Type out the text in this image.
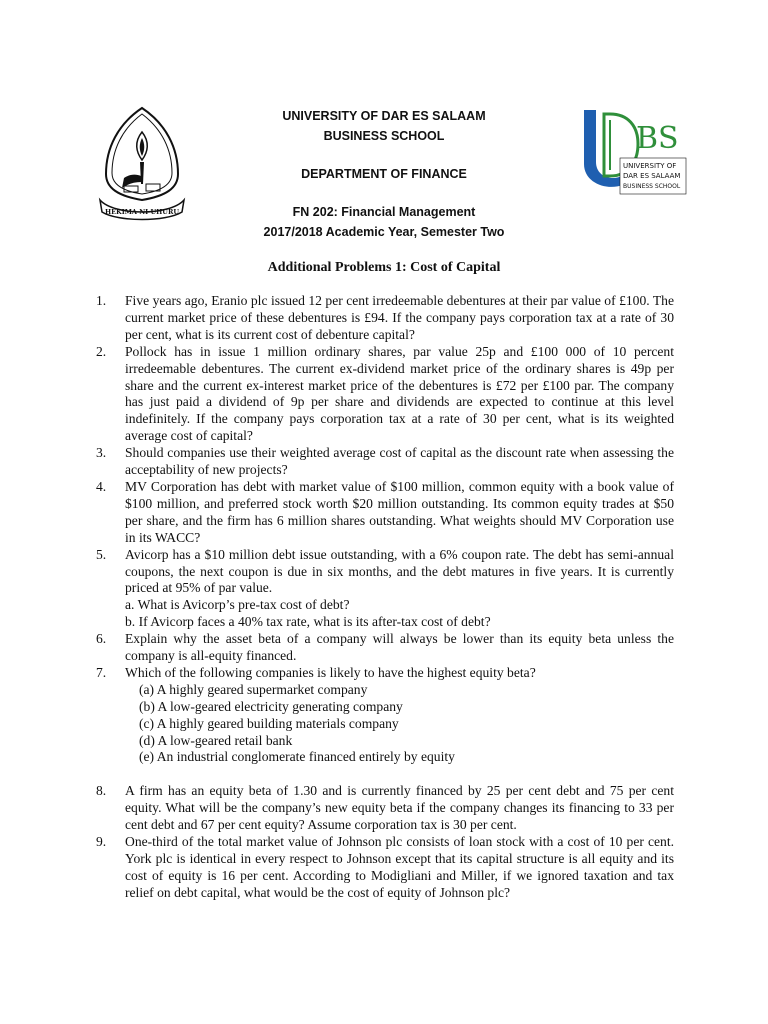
HEKIMA NI UHURU
BS
UNIVERSITY OF
DAR ES SALAAM
BUSINESS SCHOOL
UNIVERSITY OF DAR ES SALAAM
BUSINESS SCHOOL
DEPARTMENT OF FINANCE
FN 202: Financial Management
2017/2018 Academic Year, Semester Two
Additional Problems 1: Cost of Capital
1. Five years ago, Eranio plc issued 12 per cent irredeemable debentures at their par value of £100. The current market price of these debentures is £94. If the company pays corporation tax at a rate of 30 per cent, what is its current cost of debenture capital?
2. Pollock has in issue 1 million ordinary shares, par value 25p and £100 000 of 10 percent irredeemable debentures. The current ex-dividend market price of the ordinary shares is 49p per share and the current ex-interest market price of the debentures is £72 per £100 par. The company has just paid a dividend of 9p per share and dividends are expected to continue at this level indefinitely. If the company pays corporation tax at a rate of 30 per cent, what is its weighted average cost of capital?
3. Should companies use their weighted average cost of capital as the discount rate when assessing the acceptability of new projects?
4. MV Corporation has debt with market value of $100 million, common equity with a book value of $100 million, and preferred stock worth $20 million outstanding. Its common equity trades at $50 per share, and the firm has 6 million shares outstanding. What weights should MV Corporation use in its WACC?
5. Avicorp has a $10 million debt issue outstanding, with a 6% coupon rate. The debt has semi-annual coupons, the next coupon is due in six months, and the debt matures in five years. It is currently priced at 95% of par value.
a. What is Avicorp’s pre-tax cost of debt?
b. If Avicorp faces a 40% tax rate, what is its after-tax cost of debt?
6. Explain why the asset beta of a company will always be lower than its equity beta unless the company is all-equity financed.
7. Which of the following companies is likely to have the highest equity beta?
(a) A highly geared supermarket company
(b) A low-geared electricity generating company
(c) A highly geared building materials company
(d) A low-geared retail bank
(e) An industrial conglomerate financed entirely by equity
8. A firm has an equity beta of 1.30 and is currently financed by 25 per cent debt and 75 per cent equity. What will be the company’s new equity beta if the company changes its financing to 33 per cent debt and 67 per cent equity? Assume corporation tax is 30 per cent.
9. One-third of the total market value of Johnson plc consists of loan stock with a cost of 10 per cent. York plc is identical in every respect to Johnson except that its capital structure is all equity and its cost of equity is 16 per cent. According to Modigliani and Miller, if we ignored taxation and tax relief on debt capital, what would be the cost of equity of Johnson plc?
